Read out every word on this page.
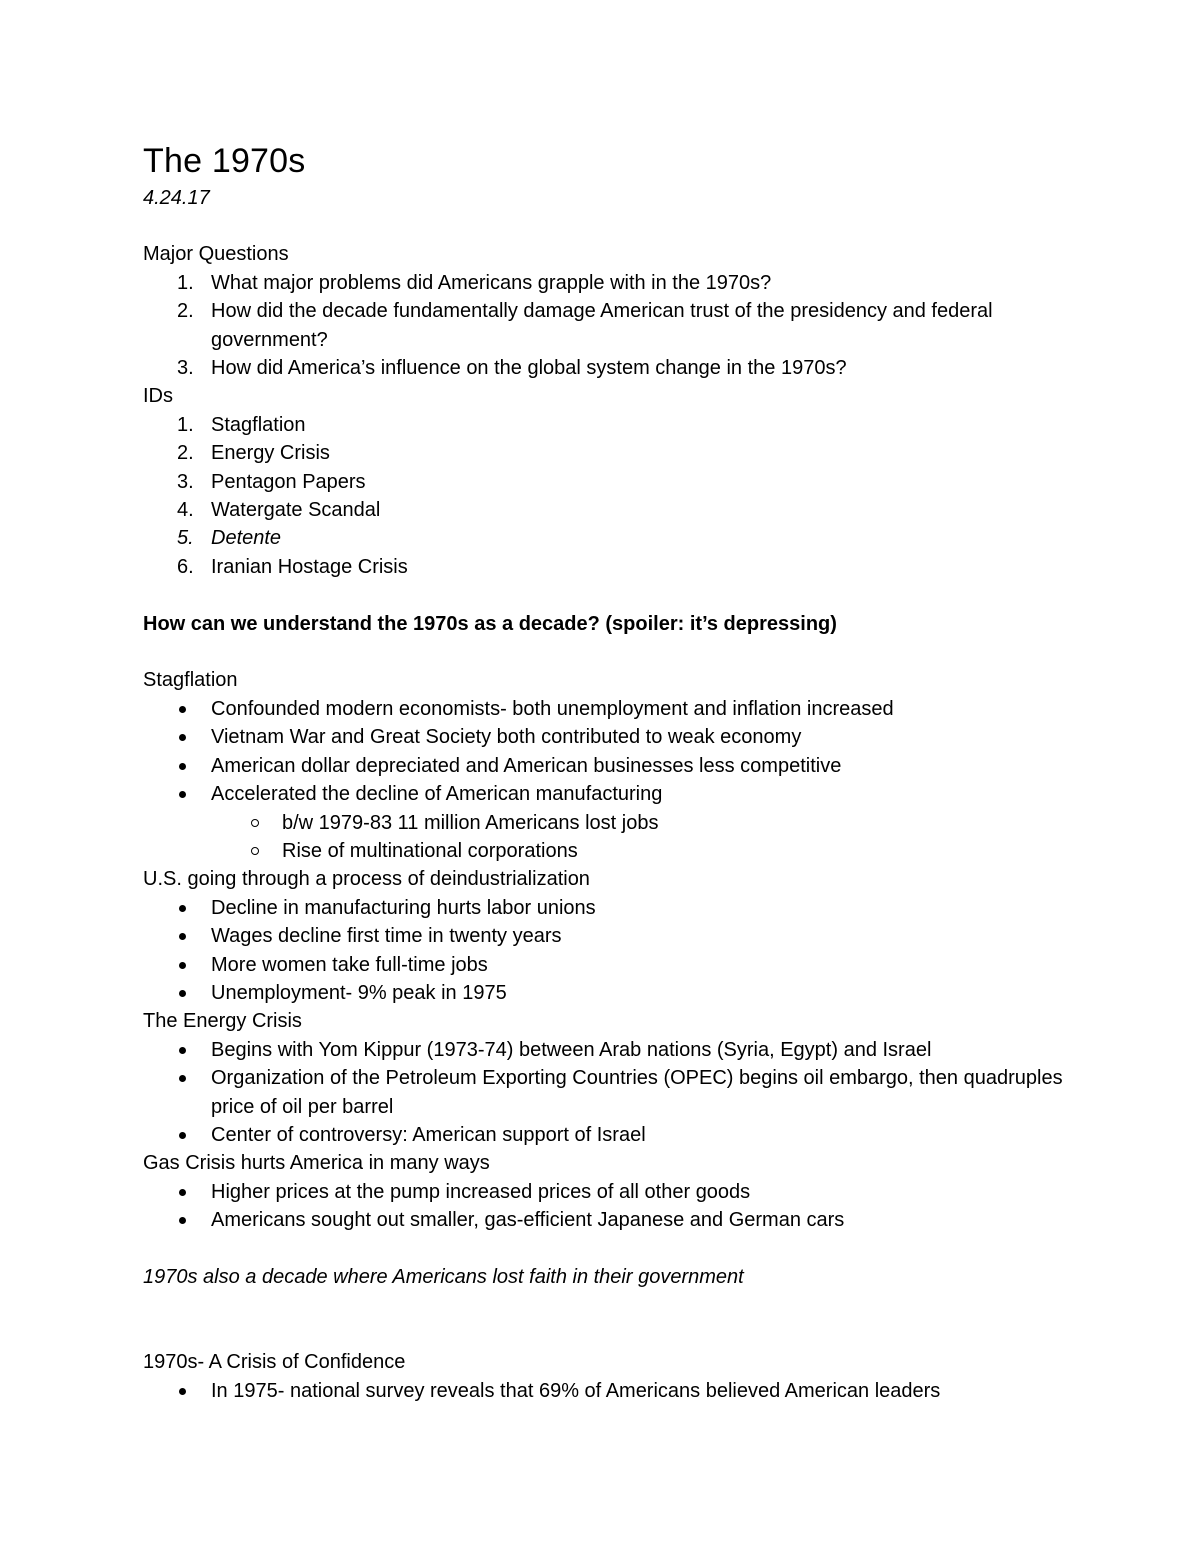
The 1970s

4.24.17

Major Questions

1. What major problems did Americans grapple with in the 1970s?
2. How did the decade fundamentally damage American trust of the presidency and federal government?
3. How did America’s influence on the global system change in the 1970s?

IDs

1. Stagflation
2. Energy Crisis
3. Pentagon Papers
4. Watergate Scandal
5. Detente
6. Iranian Hostage Crisis

How can we understand the 1970s as a decade? (spoiler: it’s depressing)

Stagflation

Confounded modern economists- both unemployment and inflation increased
Vietnam War and Great Society both contributed to weak economy
American dollar depreciated and American businesses less competitive
Accelerated the decline of American manufacturing
b/w 1979-83 11 million Americans lost jobs
Rise of multinational corporations

U.S. going through a process of deindustrialization

Decline in manufacturing hurts labor unions
Wages decline first time in twenty years
More women take full-time jobs
Unemployment- 9% peak in 1975

The Energy Crisis

Begins with Yom Kippur (1973-74) between Arab nations (Syria, Egypt) and Israel
Organization of the Petroleum Exporting Countries (OPEC) begins oil embargo, then quadruples price of oil per barrel
Center of controversy: American support of Israel

Gas Crisis hurts America in many ways

Higher prices at the pump increased prices of all other goods
Americans sought out smaller, gas-efficient Japanese and German cars

1970s also a decade where Americans lost faith in their government

1970s- A Crisis of Confidence

In 1975- national survey reveals that 69% of Americans believed American leaders
